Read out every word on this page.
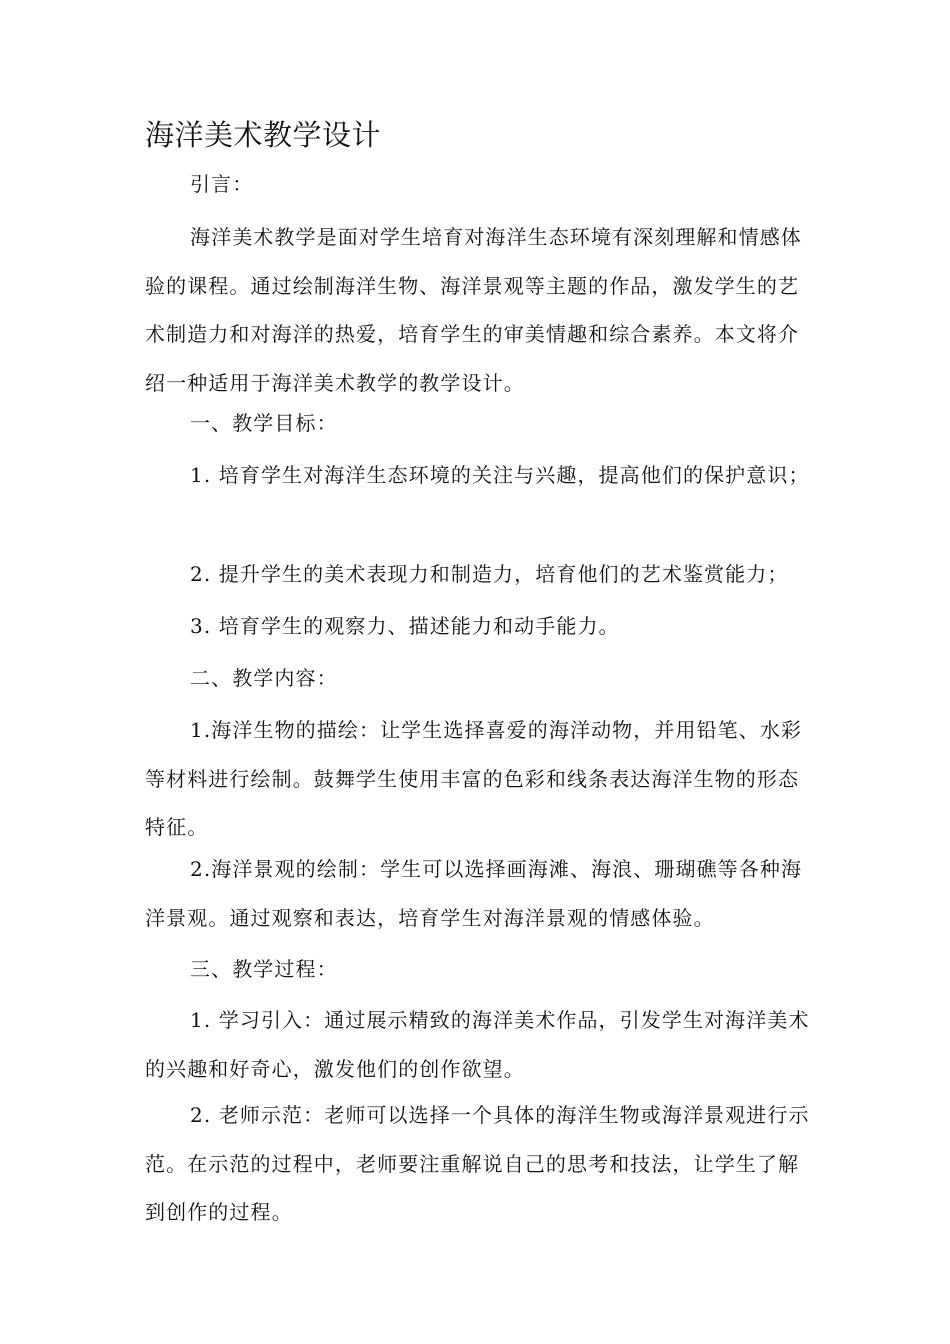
海洋美术教学设计

引言：

海洋美术教学是面对学生培育对海洋生态环境有深刻理解和情感体验的课程。通过绘制海洋生物、海洋景观等主题的作品，激发学生的艺术制造力和对海洋的热爱，培育学生的审美情趣和综合素养。本文将介绍一种适用于海洋美术教学的教学设计。

一、教学目标：

1. 培育学生对海洋生态环境的关注与兴趣，提高他们的保护意识；

2. 提升学生的美术表现力和制造力，培育他们的艺术鉴赏能力；

3. 培育学生的观察力、描述能力和动手能力。

二、教学内容：

1.海洋生物的描绘：让学生选择喜爱的海洋动物，并用铅笔、水彩等材料进行绘制。鼓舞学生使用丰富的色彩和线条表达海洋生物的形态特征。

2.海洋景观的绘制：学生可以选择画海滩、海浪、珊瑚礁等各种海洋景观。通过观察和表达，培育学生对海洋景观的情感体验。

三、教学过程：

1. 学习引入：通过展示精致的海洋美术作品，引发学生对海洋美术的兴趣和好奇心，激发他们的创作欲望。

2. 老师示范：老师可以选择一个具体的海洋生物或海洋景观进行示范。在示范的过程中，老师要注重解说自己的思考和技法，让学生了解到创作的过程。
